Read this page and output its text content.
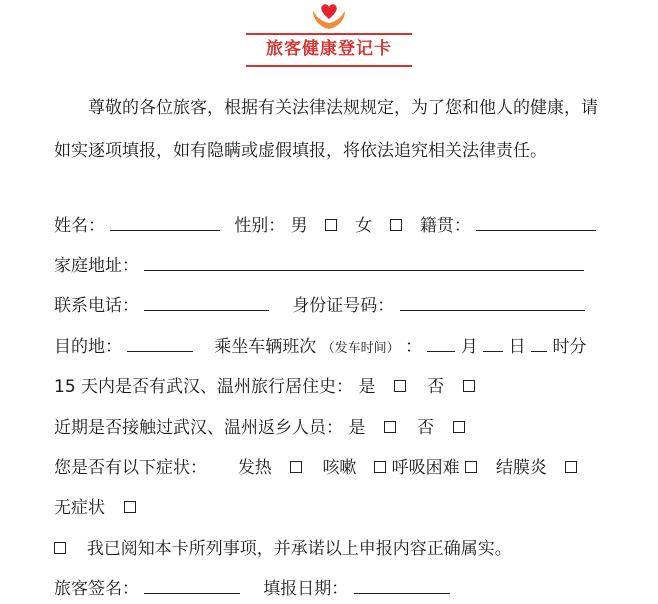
旅客健康登记卡

尊敬的各位旅客，根据有关法律法规规定，为了您和他人的健康，请如实逐项填报，如有隐瞒或虚假填报，将依法追究相关法律责任。

姓名：	性别： 男	女	籍贯：
家庭地址：
联系电话：	身份证号码：
目的地：	乘坐车辆班次 （发车时间） ： 月 日 时分
15 天内是否有武汉、温州旅行居住史： 是	否
近期是否接触过武汉、温州返乡人员： 是	否
您是否有以下症状： 发热	咳嗽 呼吸困难 结膜炎
无症状
我已阅知本卡所列事项，并承诺以上申报内容正确属实。
旅客签名：	填报日期：
